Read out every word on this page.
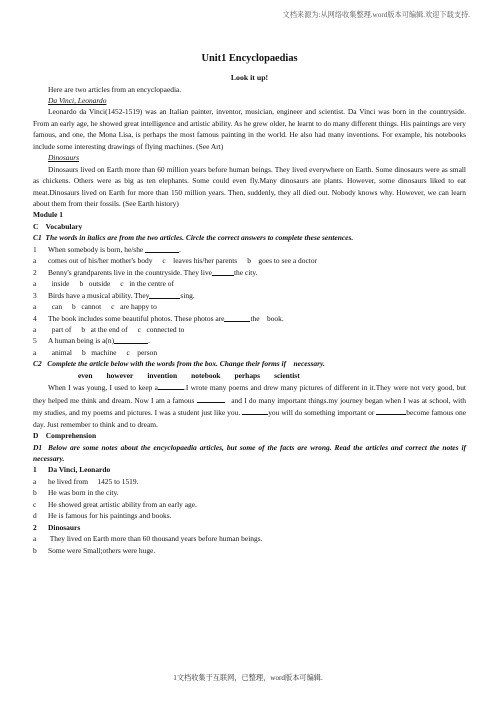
文档来源为:从网络收集整理.word版本可编辑.欢迎下载支持.

Unit1 Encyclopaedias

Look it up!

Here are two articles from an encyclopaedia.

Da Vinci, Leonardo

Leonardo da Vinci(1452-1519) was an Italian painter, inventor, musician, engineer and scientist. Da Vinci was born in the countryside. From an early age, he showed great intelligence and artistic ability. As he grew older, he learnt to do many different things. His paintings are very famous, and one, the Mona Lisa, is perhaps the most famous painting in the world. He also had many inventions. For example, his notebooks include some interesting drawings of flying machines. (See Art)

Dinosaurs

Dinosaurs lived on Earth more than 60 million years before human beings. They lived everywhere on Earth. Some dinosaurs were as small as chickens. Others were as big as ten elephants. Some could even fly.Many dinosaurs ate plants. However, some dinosaurs liked to eat meat.Dinosaurs lived on Earth for more than 150 million years. Then, suddenly, they all died out. Nobody knows why. However, we can learn about them from their fossils. (See Earth history)

Module 1

C    Vocabulary

C1 The words in italics are from the two articles. Circle the correct answers to complete these sentences.

1	When somebody is born, he/she
	.
a	comes out of his/her mother's body c
leaves his/her parents b
goes to see a doctor
2	Benny's grandparents live in the countryside. They live	the city.
a
	inside b
outside c
in the centre of
3	Birds have a musical ability. They	sing.
a
	can b
cannot c
are happy to
4	The book includes some beautiful photos. These photos are	the    book.
a
	part of b
at the end of c
connected to
5	A human being is a(n)	.
a
	animal b
machine c
person

C2 Complete the article below with the words from the box. Change their forms if    necessary.

even however invention notebook perhaps scientist

When I was young, I used to keep a	.I wrote many poems and drew many pictures of different in it.They were not very good, but they helped me think and dream. Now I am a famous	and I do many important things.my journey began when I was at school, with my studies, and my poems and pictures. I was a student just like you.	you will do something important or	become famous one day. Just remember to think and to dream.

D    Comprehension

D1 Below are some notes about the encyclopaedia articles, but some of the facts are wrong. Read the articles and correct the notes if necessary.

1	Da Vinci, Leonardo
a	he lived from     1425 to 1519.
b	He was born in the city.
c	He showed great artistic ability from an early age.
d	He is famous for his paintings and books.
2	Dinosaurs
a	They lived on Earth more than 60 thousand years before human beings.
b	Some were Small;others were huge.
1文档收集于互联网，已整理，word版本可编辑.
